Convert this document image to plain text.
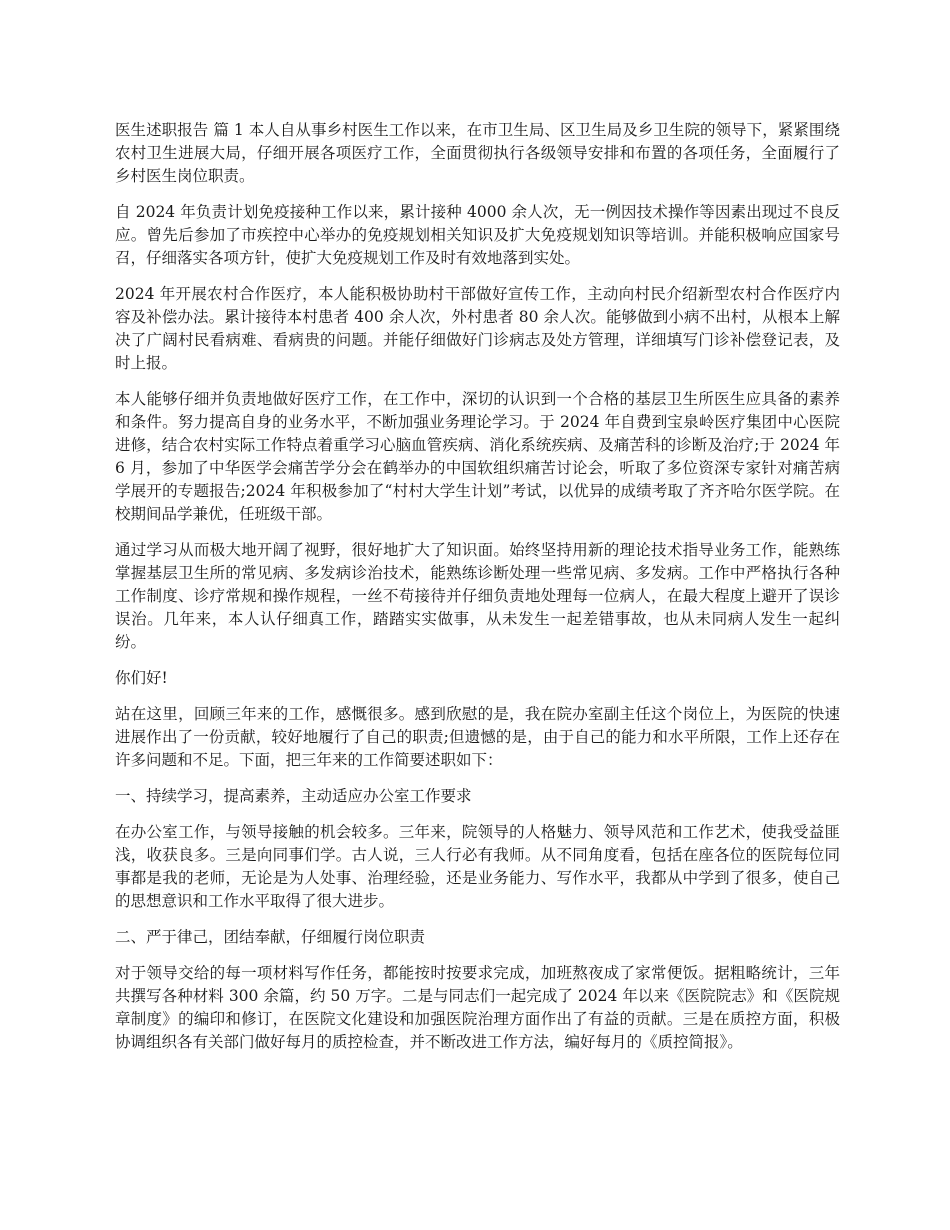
医生述职报告 篇 1 本人自从事乡村医生工作以来，在市卫生局、区卫生局及乡卫生院的领导下，紧紧围绕农村卫生进展大局，仔细开展各项医疗工作，全面贯彻执行各级领导安排和布置的各项任务，全面履行了乡村医生岗位职责。

自 2024 年负责计划免疫接种工作以来，累计接种 4000 余人次，无一例因技术操作等因素出现过不良反应。曾先后参加了市疾控中心举办的免疫规划相关知识及扩大免疫规划知识等培训。并能积极响应国家号召，仔细落实各项方针，使扩大免疫规划工作及时有效地落到实处。

2024 年开展农村合作医疗，本人能积极协助村干部做好宣传工作，主动向村民介绍新型农村合作医疗内容及补偿办法。累计接待本村患者 400 余人次，外村患者 80 余人次。能够做到小病不出村，从根本上解决了广阔村民看病难、看病贵的问题。并能仔细做好门诊病志及处方管理，详细填写门诊补偿登记表，及时上报。

本人能够仔细并负责地做好医疗工作，在工作中，深切的认识到一个合格的基层卫生所医生应具备的素养和条件。努力提高自身的业务水平，不断加强业务理论学习。于 2024 年自费到宝泉岭医疗集团中心医院进修，结合农村实际工作特点着重学习心脑血管疾病、消化系统疾病、及痛苦科的诊断及治疗;于 2024 年 6 月，参加了中华医学会痛苦学分会在鹤举办的中国软组织痛苦讨论会，听取了多位资深专家针对痛苦病学展开的专题报告;2024 年积极参加了“村村大学生计划”考试，以优异的成绩考取了齐齐哈尔医学院。在校期间品学兼优，任班级干部。

通过学习从而极大地开阔了视野，很好地扩大了知识面。始终坚持用新的理论技术指导业务工作，能熟练掌握基层卫生所的常见病、多发病诊治技术，能熟练诊断处理一些常见病、多发病。工作中严格执行各种工作制度、诊疗常规和操作规程，一丝不苟接待并仔细负责地处理每一位病人，在最大程度上避开了误诊误治。几年来，本人认仔细真工作，踏踏实实做事，从未发生一起差错事故，也从未同病人发生一起纠纷。

你们好!

站在这里，回顾三年来的工作，感慨很多。感到欣慰的是，我在院办室副主任这个岗位上，为医院的快速进展作出了一份贡献，较好地履行了自己的职责;但遗憾的是，由于自己的能力和水平所限，工作上还存在许多问题和不足。下面，把三年来的工作简要述职如下：

一、持续学习，提高素养，主动适应办公室工作要求

在办公室工作，与领导接触的机会较多。三年来，院领导的人格魅力、领导风范和工作艺术，使我受益匪浅，收获良多。三是向同事们学。古人说，三人行必有我师。从不同角度看，包括在座各位的医院每位同事都是我的老师，无论是为人处事、治理经验，还是业务能力、写作水平，我都从中学到了很多，使自己的思想意识和工作水平取得了很大进步。

二、严于律己，团结奉献，仔细履行岗位职责

对于领导交给的每一项材料写作任务，都能按时按要求完成，加班熬夜成了家常便饭。据粗略统计，三年共撰写各种材料 300 余篇，约 50 万字。二是与同志们一起完成了 2024 年以来《医院院志》和《医院规章制度》的编印和修订，在医院文化建设和加强医院治理方面作出了有益的贡献。三是在质控方面，积极协调组织各有关部门做好每月的质控检查，并不断改进工作方法，编好每月的《质控简报》。
